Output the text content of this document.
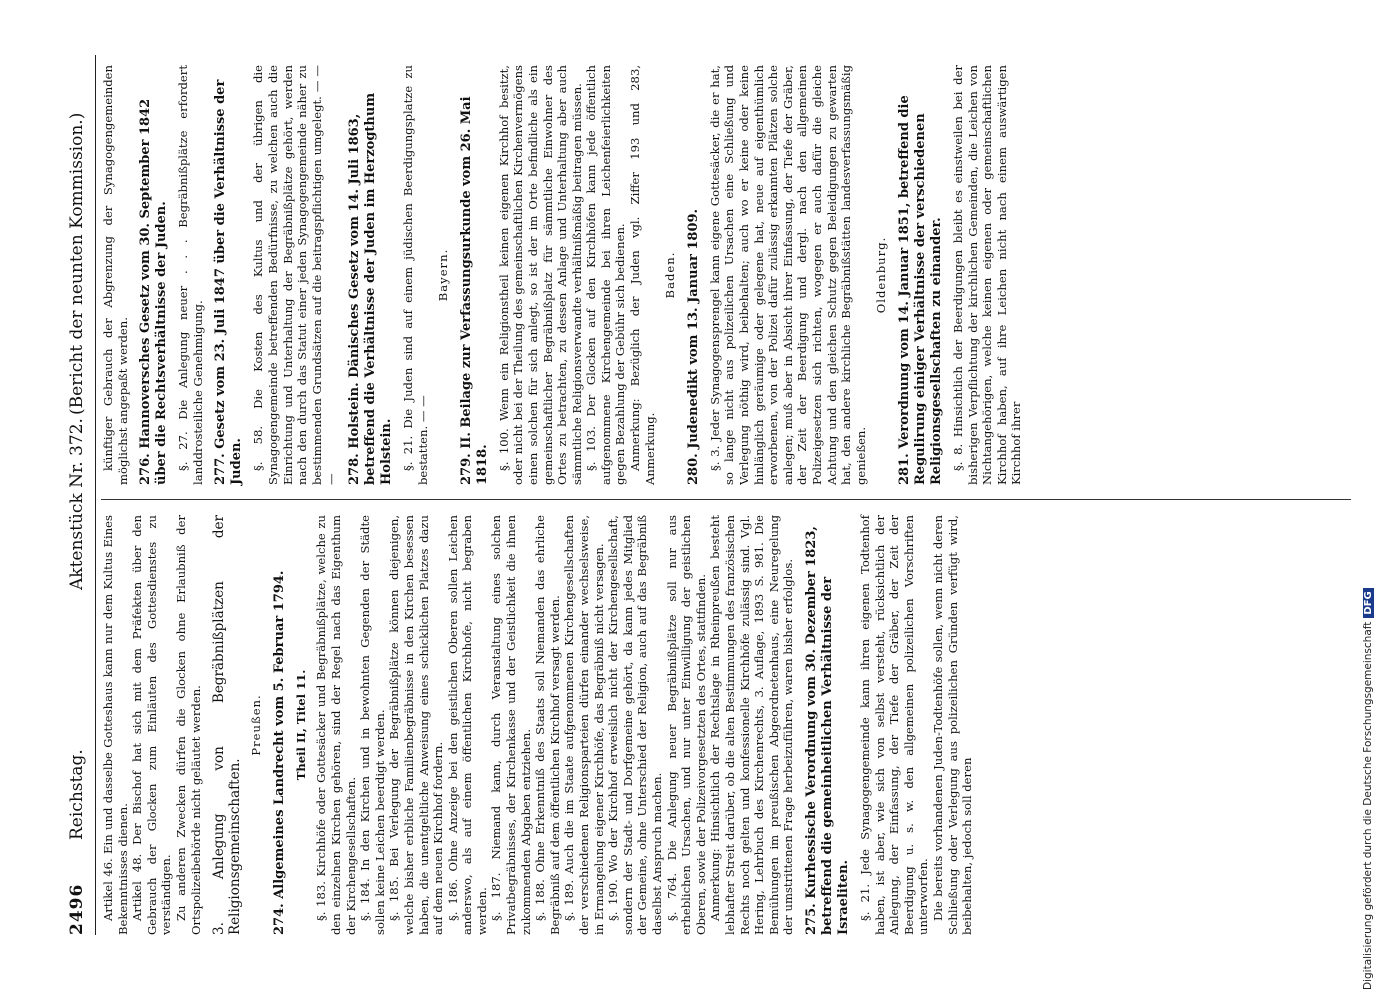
2496
Reichstag.
Aktenstück Nr. 372.
(Bericht der neunten Kommission.)

Artikel 46. Ein und dasselbe Gotteshaus kann nur dem Kultus Eines Bekenntnisses dienen. Artikel 48. Der Bischof hat sich mit dem Präfekten über den Gebrauch der Glocken zum Einläuten des Gottesdienstes zu verständigen. Zu anderen Zwecken dürfen die Glocken ohne Erlaubniß der Ortspolizeibehörde nicht geläutet werden. 3. Anlegung von Begräbnißplätzen der Religionsgemeinschaften.

Preußen. 274. Allgemeines Landrecht vom 5. Februar 1794. Theil II, Titel 11. §. 183. Kirchhöfe oder Gottesäcker und Begräbnißplätze, welche zu den einzelnen Kirchen gehören, sind der Regel nach das Eigenthum der Kirchengesellschaften. §. 184. In den Kirchen und in bewohnten Gegenden der Städte sollen keine Leichen beerdigt werden. §. 185. Bei Verlegung der Begräbnißplätze können diejenigen, welche bisher erbliche Familienbegräbnisse in den Kirchen besessen haben, die unentgeltliche Anweisung eines schicklichen Platzes dazu auf dem neuen Kirchhof fordern. §. 186. Ohne Anzeige bei den geistlichen Oberen sollen Leichen anderswo, als auf einem öffentlichen Kirchhofe, nicht begraben werden. §. 187. Niemand kann, durch Veranstaltung eines solchen Privatbegräbnisses, der Kirchenkasse und der Geistlichkeit die ihnen zukommenden Abgaben entziehen. §. 188. Ohne Erkenntniß des Staats soll Niemanden das ehrliche Begräbniß auf dem öffentlichen Kirchhof versagt werden. §. 189. Auch die im Staate aufgenommenen Kirchengesellschaften der verschiedenen Religionsparteien dürfen einander wechselsweise, in Ermangelung eigener Kirchhöfe, das Begräbniß nicht versagen. §. 190. Wo der Kirchhof erweislich nicht der Kirchengesellschaft, sondern der Stadt- und Dorfgemeine gehört, da kann jedes Mitglied der Gemeine, ohne Unterschied der Religion, auch auf das Begräbniß daselbst Anspruch machen. §. 764. Die Anlegung neuer Begräbnißplätze soll nur aus erheblichen Ursachen, und nur unter Einwilligung der geistlichen Oberen, sowie der Polizeivorgesetzten des Ortes, stattfinden. Anmerkung: Hinsichtlich der Rechtslage in Rheinpreußen besteht lebhafter Streit darüber, ob die alten Bestimmungen des französischen Rechts noch gelten und konfessionelle Kirchhöfe zulässig sind. Vgl. Hering, Lehrbuch des Kirchenrechts, 3. Auflage, 1893 S. 981. Die Bemühungen im preußischen Abgeordnetenhaus, eine Neuregelung der umstrittenen Frage herbeizuführen, waren bisher erfolglos. 275. Kurhessische Verordnung vom 30. Dezember 1823, betreffend die gemeinheitlichen Verhältnisse der Israeliten. §. 21. Jede Synagogengemeinde kann ihren eigenen Todtenhof haben, ist aber, wie sich von selbst versteht, rücksichtlich der Anlegung, der Einfassung, der Tiefe der Gräber, der Zeit der Beerdigung u. s. w. den allgemeinen polizeilichen Vorschriften unterworfen. Die bereits vorhandenen Juden-Todtenhöfe sollen, wenn nicht deren Schließung oder Verlegung aus polizeilichen Gründen verfügt wird, beibehalten, jedoch soll deren

künftiger Gebrauch der Abgrenzung der Synagogengemeinden möglichst angepaßt werden. 276. Hannoversches Gesetz vom 30. September 1842 über die Rechtsverhältnisse der Juden. §. 27. Die Anlegung neuer . . . Begräbnißplätze erfordert landdrosteiliche Genehmigung. 277. Gesetz vom 23. Juli 1847 über die Verhältnisse der Juden. §. 58. Die Kosten des Kultus und der übrigen die Synagogengemeinde betreffenden Bedürfnisse, zu welchen auch die Einrichtung und Unterhaltung der Begräbnißplätze gehört, werden nach den durch das Statut einer jeden Synagogengemeinde näher zu bestimmenden Grundsätzen auf die beitragspflichtigen umgelegt. — — — 278. Holstein. Dänisches Gesetz vom 14. Juli 1863, betreffend die Verhältnisse der Juden im Herzogthum Holstein. §. 21. Die Juden sind auf einem jüdischen Beerdigungsplatze zu bestatten. — —

Bayern. 279. II. Beilage zur Verfassungsurkunde vom 26. Mai 1818. §. 100. Wenn ein Religionstheil keinen eigenen Kirchhof besitzt, oder nicht bei der Theilung des gemeinschaftlichen Kirchenvermögens einen solchen für sich anlegt, so ist der im Orte befindliche als ein gemeinschaftlicher Begräbnißplatz für sämmtliche Einwohner des Ortes zu betrachten, zu dessen Anlage und Unterhaltung aber auch sämmtliche Religionsverwandte verhältnißmäßig beitragen müssen. §. 103. Der Glocken auf den Kirchhöfen kann jede öffentlich aufgenommene Kirchengemeinde bei ihren Leichenfeierlichkeiten gegen Bezahlung der Gebühr sich bedienen. Anmerkung: Bezüglich der Juden vgl. Ziffer 193 und 283, Anmerkung.

Baden. 280. Judenedikt vom 13. Januar 1809. §. 3. Jeder Synagogensprengel kann eigene Gottesäcker, die er hat, so lange nicht aus polizeilichen Ursachen eine Schließung und Verlegung nöthig wird, beibehalten; auch wo er keine oder keine hinlänglich geräumige oder gelegene hat, neue auf eigenthümlich erworbenen, von der Polizei dafür zulässig erkannten Plätzen solche anlegen; muß aber in Absicht ihrer Einfassung, der Tiefe der Gräber, der Zeit der Beerdigung und dergl. nach den allgemeinen Polizeigesetzen sich richten, wogegen er auch dafür die gleiche Achtung und den gleichen Schutz gegen Beleidigungen zu gewarten hat, den andere kirchliche Begräbnißstätten landesverfassungsmäßig genießen.

Oldenburg. 281. Verordnung vom 14. Januar 1851, betreffend die Regulirung einiger Verhältnisse der verschiedenen Religionsgesellschaften zu einander. §. 8. Hinsichtlich der Beerdigungen bleibt es einstweilen bei der bisherigen Verpflichtung der kirchlichen Gemeinden, die Leichen von Nichtangehörigen, welche keinen eigenen oder gemeinschaftlichen Kirchhof haben, auf ihre Leichen nicht nach einem auswärtigen Kirchhof ihrer

Digitalisierung gefördert durch die Deutsche ForschungsgemeinschaftDFG
